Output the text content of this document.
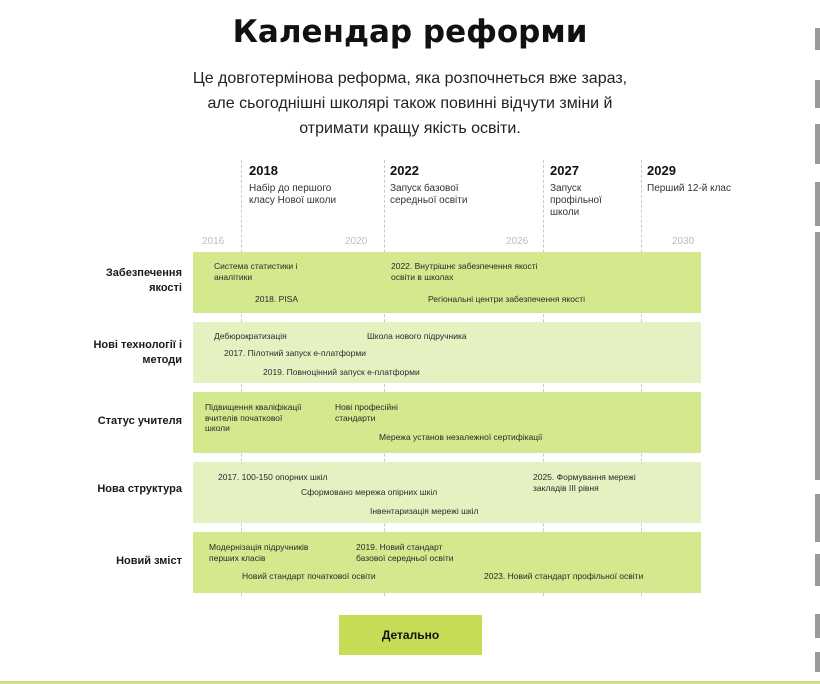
Календар реформи
Це довготермінова реформа, яка розпочнеться вже зараз, але сьогоднішні школярі також повинні відчути зміни й отримати кращу якість освіти.
2018
Набір до першого класу Нової школи
2022
Запуск базової середньої освіти
2027
Запуск профільної школи
2029
Перший 12-й клас
2016	2020	2026	2030
Забезпечення якості
Система статистики і аналітики
2018. PISA
2022. Внутрішнє забезпечення якості освіти в школах
Регіональні центри забезпечення якості
Нові технології і методи
Дебюрократизація	Школа нового підручника
2017. Пілотний запуск е-платформи
2019. Повноцінний запуск е-платформи
Статус учителя
Підвищення кваліфікації вчителів початкової школи
Нові професійні стандарти
Мережа установ незалежної сертифікації
Нова структура
2017. 100-150 опорних шкіл
Сформовано мережа опірних шкіл
2025. Формування мережі закладів III рівня
Інвентаризація мережі шкіл
Новий зміст
Модернізація підручників перших класів
2019. Новий стандарт базової середньої освіти
Новий стандарт початкової освіти	2023. Новий стандарт профільної освіти
Детально
